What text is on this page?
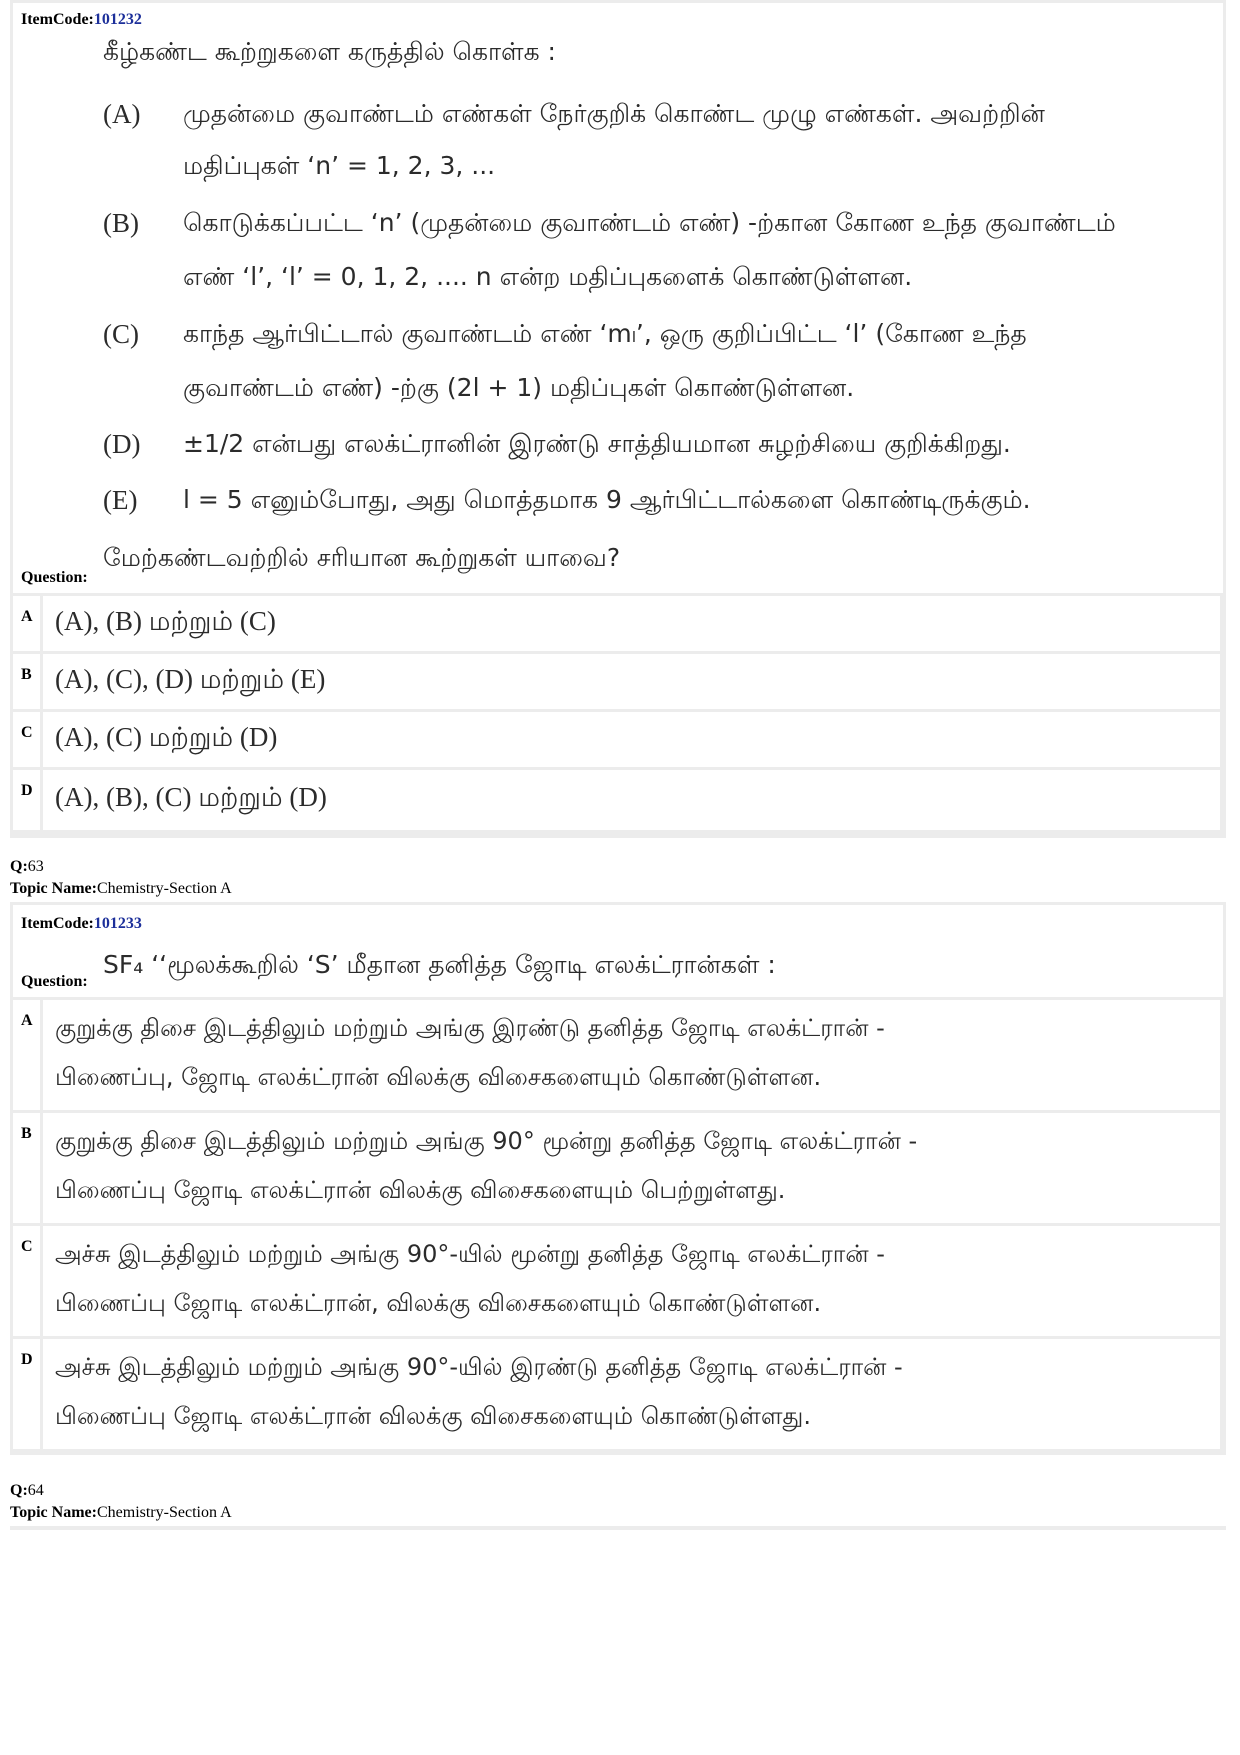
ItemCode:101232
கீழ்கண்ட கூற்றுகளை கருத்தில் கொள்க :
(A) முதன்மை குவாண்டம் எண்கள் நேர்குறிக் கொண்ட முழு எண்கள். அவற்றின்
மதிப்புகள் ‘n’ = 1, 2, 3, ...
(B) கொடுக்கப்பட்ட ‘n’ (முதன்மை குவாண்டம் எண்) -ற்கான கோண உந்த குவாண்டம்
எண் ‘l’, ‘l’ = 0, 1, 2, .... n என்ற மதிப்புகளைக் கொண்டுள்ளன.
(C) காந்த ஆர்பிட்டால் குவாண்டம் எண் ‘mₗ’, ஒரு குறிப்பிட்ட ‘l’ (கோண உந்த
குவாண்டம் எண்) -ற்கு (2l + 1) மதிப்புகள் கொண்டுள்ளன.
(D) ±1/2 என்பது எலக்ட்ரானின் இரண்டு சாத்தியமான சுழற்சியை குறிக்கிறது.
(E) l = 5 எனும்போது, அது மொத்தமாக 9 ஆர்பிட்டால்களை கொண்டிருக்கும்.
மேற்கண்டவற்றில் சரியான கூற்றுகள் யாவை?
Question:
A (A), (B) மற்றும் (C)
B (A), (C), (D) மற்றும் (E)
C (A), (C) மற்றும் (D)
D (A), (B), (C) மற்றும் (D)
Q:63
Topic Name:Chemistry-Section A
ItemCode:101233
SF₄ ‘‘மூலக்கூறில் ‘S’ மீதான தனித்த ஜோடி எலக்ட்ரான்கள் :
Question:
A குறுக்கு திசை இடத்திலும் மற்றும் அங்கு இரண்டு தனித்த ஜோடி எலக்ட்ரான் -
பிணைப்பு, ஜோடி எலக்ட்ரான் விலக்கு விசைகளையும் கொண்டுள்ளன.
B குறுக்கு திசை இடத்திலும் மற்றும் அங்கு 90° மூன்று தனித்த ஜோடி எலக்ட்ரான் -
பிணைப்பு ஜோடி எலக்ட்ரான் விலக்கு விசைகளையும் பெற்றுள்ளது.
C அச்சு இடத்திலும் மற்றும் அங்கு 90°-யில் மூன்று தனித்த ஜோடி எலக்ட்ரான் -
பிணைப்பு ஜோடி எலக்ட்ரான், விலக்கு விசைகளையும் கொண்டுள்ளன.
D அச்சு இடத்திலும் மற்றும் அங்கு 90°-யில் இரண்டு தனித்த ஜோடி எலக்ட்ரான் -
பிணைப்பு ஜோடி எலக்ட்ரான் விலக்கு விசைகளையும் கொண்டுள்ளது.
Q:64
Topic Name:Chemistry-Section A
